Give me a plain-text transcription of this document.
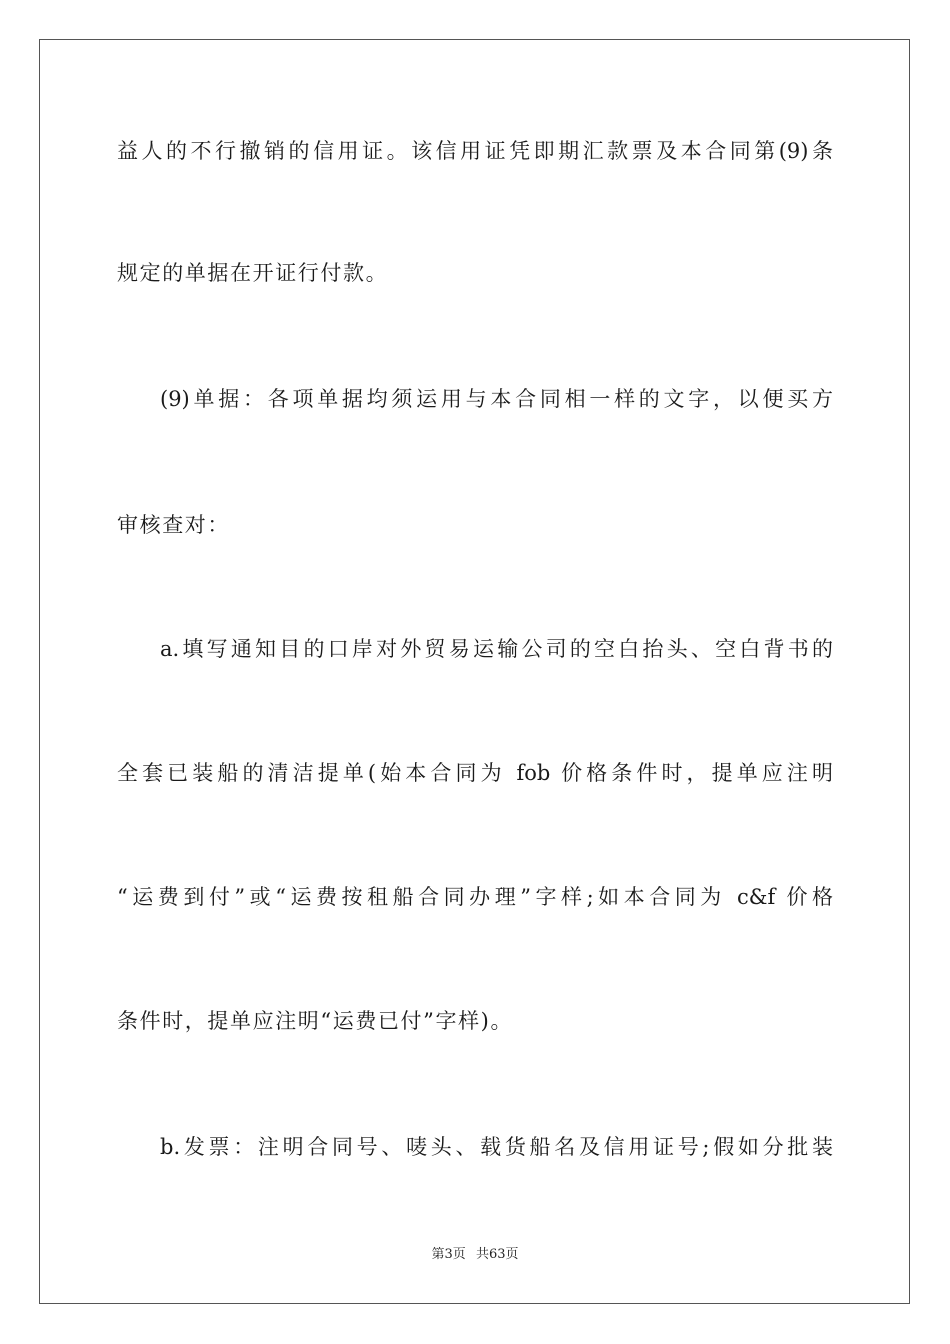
益人的不行撤销的信用证。该信用证凭即期汇款票及本合同第(9)条
规定的单据在开证行付款。
(9)单据：各项单据均须运用与本合同相一样的文字，以便买方
审核查对：
a.填写通知目的口岸对外贸易运输公司的空白抬头、空白背书的
全套已装船的清洁提单(始本合同为 fob 价格条件时，提单应注明
“运费到付”或“运费按租船合同办理”字样;如本合同为 c&f 价格
条件时，提单应注明“运费已付”字样)。
b.发票：注明合同号、唛头、载货船名及信用证号;假如分批装
第3页 共63页
